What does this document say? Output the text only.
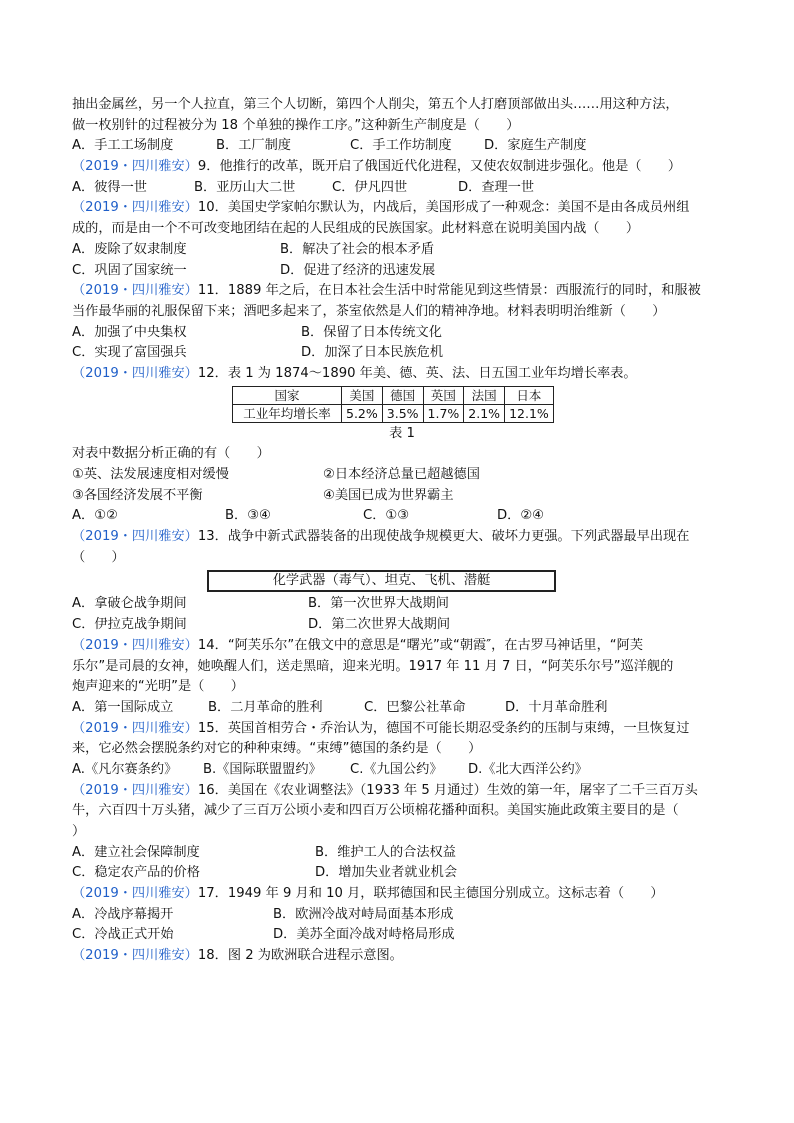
抽出金属丝，另一个人拉直，第三个人切断，第四个人削尖，第五个人打磨顶部做出头……用这种方法，
做一枚别针的过程被分为 18 个单独的操作工序。”这种新生产制度是（　　）
A．手工工场制度	B．工厂制度	C．手工作坊制度	D．家庭生产制度
（2019・四川雅安）9．他推行的改革，既开启了俄国近代化进程，又使农奴制进步强化。他是（　　）
A．彼得一世	B．亚历山大二世	C．伊凡四世	D．查理一世
（2019・四川雅安）10．美国史学家帕尔默认为，内战后，美国形成了一种观念：美国不是由各成员州组
成的，而是由一个不可改变地团结在起的人民组成的民族国家。此材料意在说明美国内战（　　）
A．废除了奴隶制度	B．解决了社会的根本矛盾
C．巩固了国家统一	D．促进了经济的迅速发展
（2019・四川雅安）11．1889 年之后，在日本社会生活中时常能见到这些情景：西服流行的同时，和服被
当作最华丽的礼服保留下来；酒吧多起来了，茶室依然是人们的精神净地。材料表明明治维新（　　）
A．加强了中央集权	B．保留了日本传统文化
C．实现了富国强兵	D．加深了日本民族危机
（2019・四川雅安）12．表 1 为 1874～1890 年美、德、英、法、日五国工业年均增长率表。
国家	美国	德国	英国	法国	日本
工业年均增长率	5.2%	3.5%	1.7%	2.1%	12.1%
表 1
对表中数据分析正确的有（　　）
①英、法发展速度相对缓慢	②日本经济总量已超越德国
③各国经济发展不平衡	④美国已成为世界霸主
A．①②	B．③④	C．①③	D．②④
（2019・四川雅安）13．战争中新式武器装备的出现使战争规模更大、破坏力更强。下列武器最早出现在
（　　）
化学武器（毒气）、坦克、飞机、潜艇
A．拿破仑战争期间	B．第一次世界大战期间
C．伊拉克战争期间	D．第二次世界大战期间
（2019・四川雅安）14．“阿芙乐尔”在俄文中的意思是“曙光”或“朝霞″，在古罗马神话里，“阿芙
乐尔”是司晨的女神，她唤醒人们，送走黑暗，迎来光明。1917 年 11 月 7 日，“阿芙乐尔号”巡洋舰的
炮声迎来的“光明”是（　　）
A．第一国际成立	B．二月革命的胜利	C．巴黎公社革命	D．十月革命胜利
（2019・四川雅安）15．英国首相劳合・乔治认为，德国不可能长期忍受条约的压制与束缚，一旦恢复过
来，它必然会摆脱条约对它的种种束缚。“束缚”德国的条约是（　　）
A.《凡尔赛条约》	B.《国际联盟盟约》	C.《九国公约》	D.《北大西洋公约》
（2019・四川雅安）16．美国在《农业调整法》（1933 年 5 月通过）生效的第一年，屠宰了二千三百万头
牛，六百四十万头猪，减少了三百万公顷小麦和四百万公顷棉花播种面积。美国实施此政策主要目的是（
）
A．建立社会保障制度	B．维护工人的合法权益
C．稳定农产品的价格	D．增加失业者就业机会
（2019・四川雅安）17．1949 年 9 月和 10 月，联邦德国和民主德国分别成立。这标志着（　　）
A．冷战序幕揭开	B．欧洲冷战对峙局面基本形成
C．冷战正式开始	D．美苏全面冷战对峙格局形成
（2019・四川雅安）18．图 2 为欧洲联合进程示意图。
